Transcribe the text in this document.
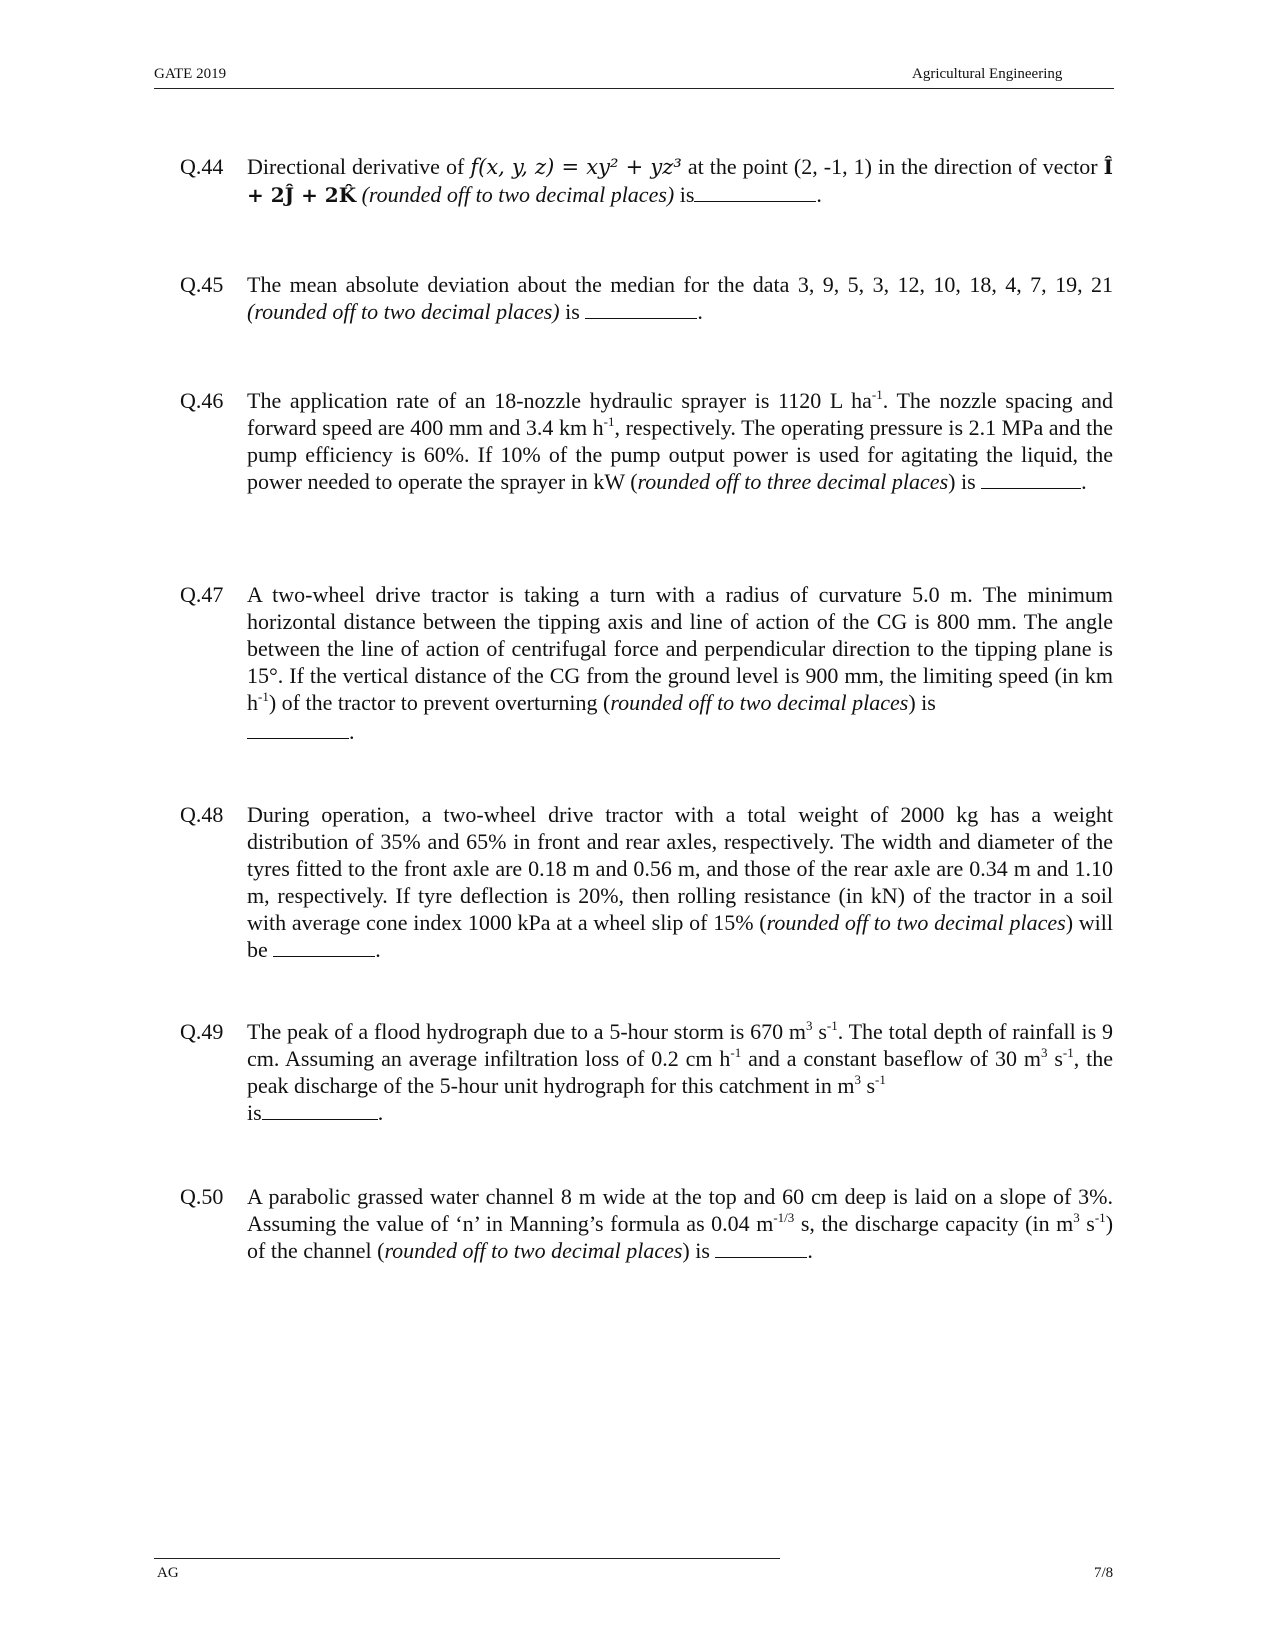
GATE 2019	Agricultural Engineering
Q.44 Directional derivative of f(x, y, z) = xy² + yz³ at the point (2, -1, 1) in the direction of vector Î + 2Ĵ + 2K̂ (rounded off to two decimal places) is	.
Q.45 The mean absolute deviation about the median for the data 3, 9, 5, 3, 12, 10, 18, 4, 7, 19, 21 (rounded off to two decimal places) is	.
Q.46 The application rate of an 18-nozzle hydraulic sprayer is 1120 L $ha^{-1}$. The nozzle spacing and forward speed are 400 mm and 3.4 km $h^{-1}$, respectively. The operating pressure is 2.1 MPa and the pump efficiency is 60%. If 10% of the pump output power is used for agitating the liquid, the power needed to operate the sprayer in kW (rounded off to three decimal places) is	.
Q.47 A two-wheel drive tractor is taking a turn with a radius of curvature 5.0 m. The minimum horizontal distance between the tipping axis and line of action of the CG is 800 mm. The angle between the line of action of centrifugal force and perpendicular direction to the tipping plane is 15°. If the vertical distance of the CG from the ground level is 900 mm, the limiting speed (in km $h^{-1}$) of the tractor to prevent overturning (rounded off to two decimal places) is
.
Q.48 During operation, a two-wheel drive tractor with a total weight of 2000 kg has a weight distribution of 35% and 65% in front and rear axles, respectively. The width and diameter of the tyres fitted to the front axle are 0.18 m and 0.56 m, and those of the rear axle are 0.34 m and 1.10 m, respectively. If tyre deflection is 20%, then rolling resistance (in kN) of the tractor in a soil with average cone index 1000 kPa at a wheel slip of 15% (rounded off to two decimal places) will be	.
Q.49 The peak of a flood hydrograph due to a 5-hour storm is 670 $m^3$ $s^{-1}$. The total depth of rainfall is 9 cm. Assuming an average infiltration loss of 0.2 cm $h^{-1}$ and a constant baseflow of 30 $m^3$ $s^{-1}$, the peak discharge of the 5-hour unit hydrograph for this catchment in $m^3$ $s^{-1}$
is	.
Q.50 A parabolic grassed water channel 8 m wide at the top and 60 cm deep is laid on a slope of 3%. Assuming the value of ‘n’ in Manning’s formula as 0.04 $m^{-1/3}$ s, the discharge capacity (in $m^3$ $s^{-1}$) of the channel (rounded off to two decimal places) is	.
AG	7/8
